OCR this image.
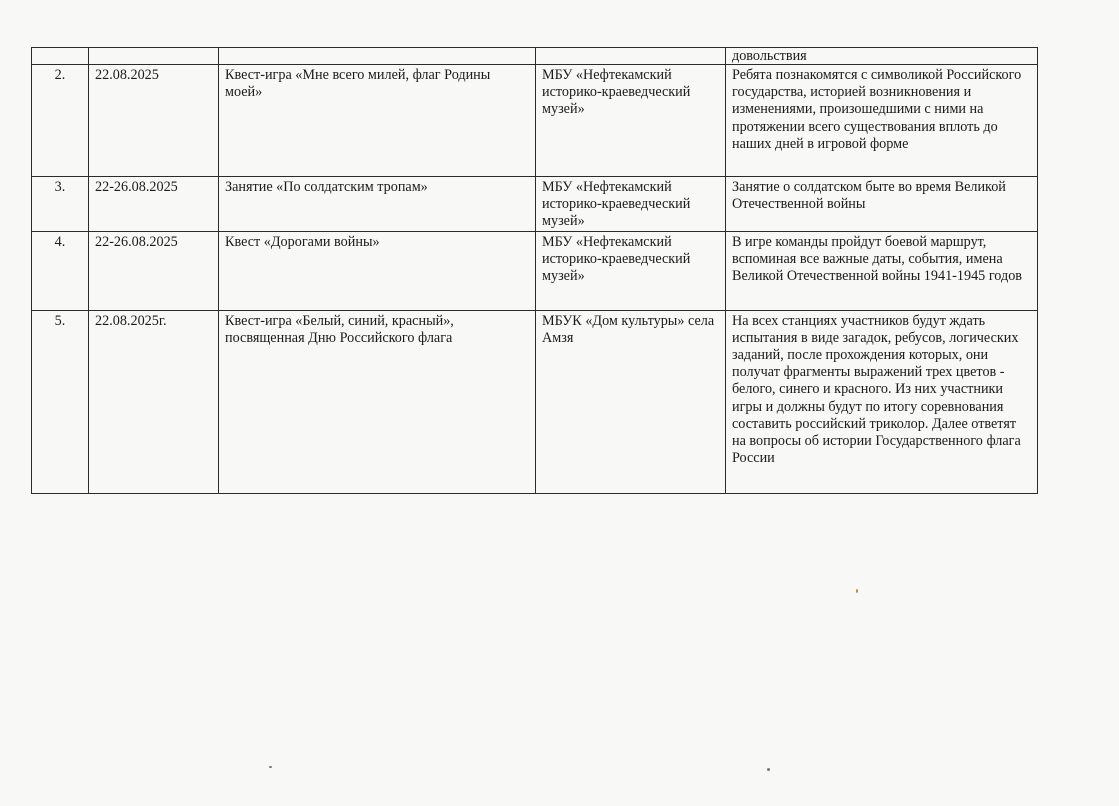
				довольствия
2.	22.08.2025	Квест-игра «Мне всего милей, флаг Родины моей»	МБУ «Нефтекамский историко-краеведческий музей»	Ребята познакомятся с символикой Российского государства, историей возникновения и изменениями, произошедшими с ними на протяжении всего существования вплоть до наших дней в игровой форме
3.	22-26.08.2025	Занятие «По солдатским тропам»	МБУ «Нефтекамский историко-краеведческий музей»	Занятие о солдатском быте во время Великой Отечественной войны
4.	22-26.08.2025	Квест «Дорогами войны»	МБУ «Нефтекамский историко-краеведческий музей»	В игре команды пройдут боевой маршрут, вспоминая все важные даты, события, имена Великой Отечественной войны 1941-1945 годов
5.	22.08.2025г.	Квест-игра «Белый, синий, красный», посвященная Дню Российского флага	МБУК «Дом культуры» села Амзя	На всех станциях участников будут ждать испытания в виде загадок, ребусов, логических заданий, после прохождения которых, они получат фрагменты выражений трех цветов - белого, синего и красного. Из них участники игры и должны будут по итогу соревнования составить российский триколор. Далее ответят на вопросы об истории Государственного флага России
